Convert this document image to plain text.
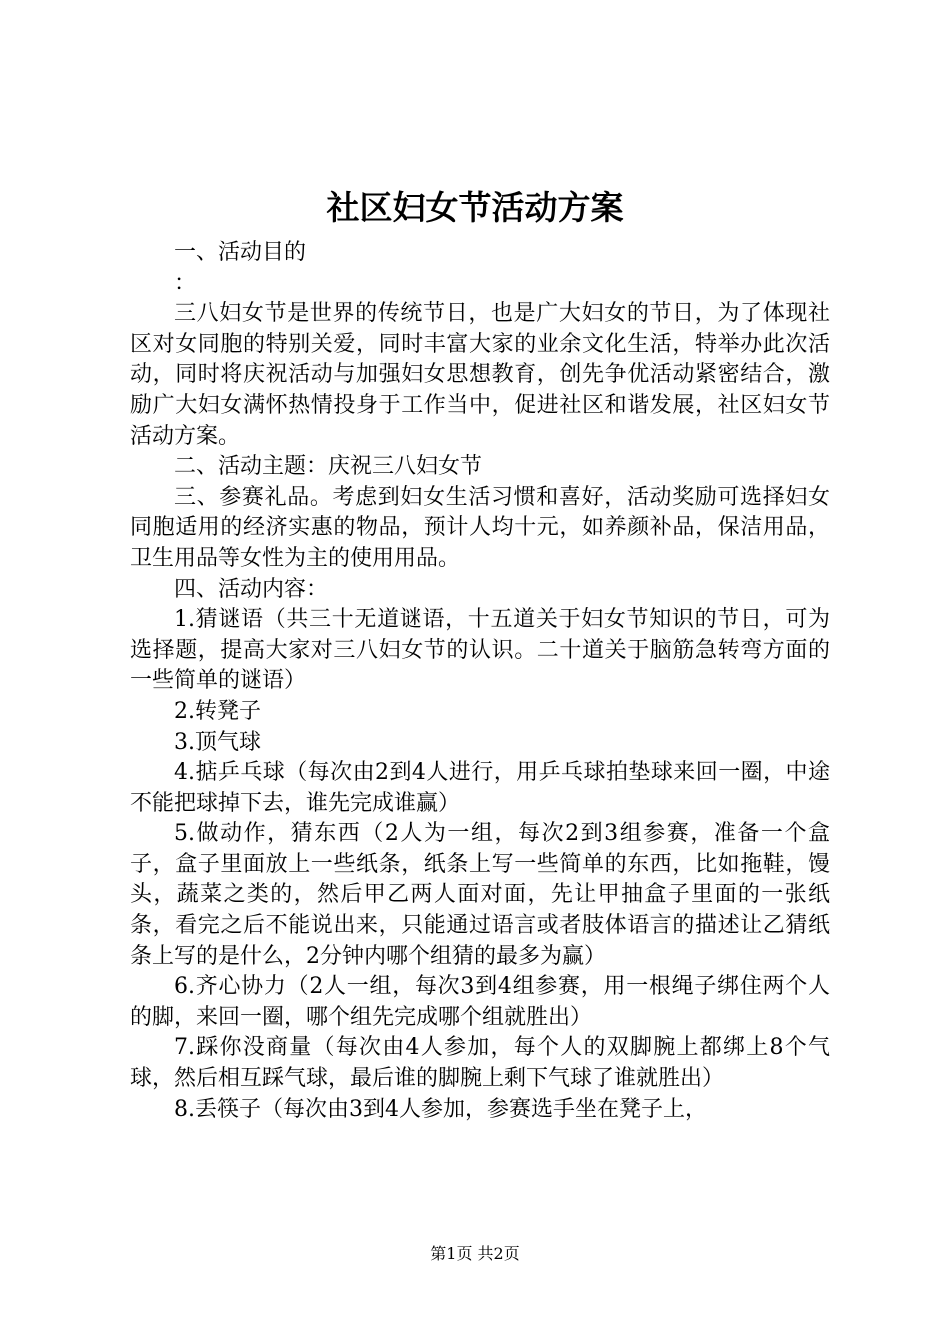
社区妇女节活动方案

一、活动目的

：

三八妇女节是世界的传统节日，也是广大妇女的节日，为了体现社区对女同胞的特别关爱，同时丰富大家的业余文化生活，特举办此次活动，同时将庆祝活动与加强妇女思想教育，创先争优活动紧密结合，激励广大妇女满怀热情投身于工作当中，促进社区和谐发展，社区妇女节活动方案。

二、活动主题：庆祝三八妇女节

三、参赛礼品。考虑到妇女生活习惯和喜好，活动奖励可选择妇女同胞适用的经济实惠的物品，预计人均十元，如养颜补品，保洁用品，卫生用品等女性为主的使用用品。

四、活动内容：

1.猜谜语（共三十无道谜语，十五道关于妇女节知识的节日，可为选择题，提高大家对三八妇女节的认识。二十道关于脑筋急转弯方面的一些简单的谜语）

2.转凳子

3.顶气球

4.掂乒乓球（每次由2到4人进行，用乒乓球拍垫球来回一圈，中途不能把球掉下去，谁先完成谁赢）

5.做动作，猜东西（2人为一组，每次2到3组参赛，准备一个盒子，盒子里面放上一些纸条，纸条上写一些简单的东西，比如拖鞋，馒头，蔬菜之类的，然后甲乙两人面对面，先让甲抽盒子里面的一张纸条，看完之后不能说出来，只能通过语言或者肢体语言的描述让乙猜纸条上写的是什么，2分钟内哪个组猜的最多为赢）

6.齐心协力（2人一组，每次3到4组参赛，用一根绳子绑住两个人的脚，来回一圈，哪个组先完成哪个组就胜出）

7.踩你没商量（每次由4人参加，每个人的双脚腕上都绑上8个气球，然后相互踩气球，最后谁的脚腕上剩下气球了谁就胜出）

8.丢筷子（每次由3到4人参加，参赛选手坐在凳子上，

第1页 共2页
